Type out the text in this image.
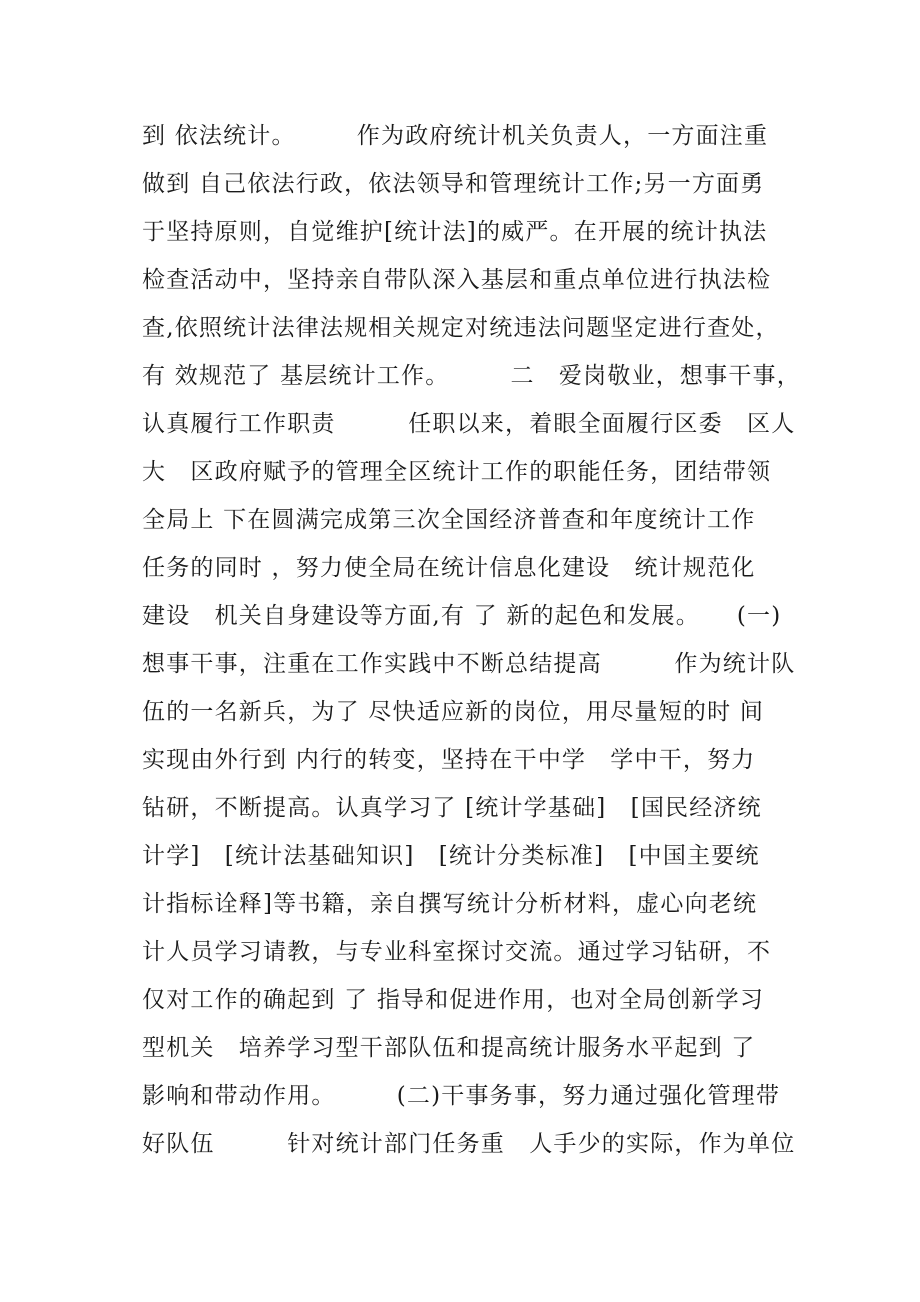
到 依法统计。　　　作为政府统计机关负责人，一方面注重
做到 自己依法行政，依法领导和管理统计工作;另一方面勇
于坚持原则，自觉维护[统计法]的威严。在开展的统计执法
检查活动中，坚持亲自带队深入基层和重点单位进行执法检
查,依照统计法律法规相关规定对统违法问题坚定进行查处，
有 效规范了 基层统计工作。　　　二　爱岗敬业，想事干事，
认真履行工作职责　　　任职以来，着眼全面履行区委　区人
大　区政府赋予的管理全区统计工作的职能任务，团结带领
全局上 下在圆满完成第三次全国经济普查和年度统计工作
任务的同时 ，努力使全局在统计信息化建设　统计规范化
建设　机关自身建设等方面,有 了 新的起色和发展。　　(一)
想事干事，注重在工作实践中不断总结提高　　　作为统计队
伍的一名新兵，为了 尽快适应新的岗位，用尽量短的时 间
实现由外行到 内行的转变，坚持在干中学　学中干，努力
钻研，不断提高。认真学习了 [统计学基础]　[国民经济统
计学]　[统计法基础知识]　[统计分类标准]　[中国主要统
计指标诠释]等书籍，亲自撰写统计分析材料，虚心向老统
计人员学习请教，与专业科室探讨交流。通过学习钻研，不
仅对工作的确起到 了 指导和促进作用，也对全局创新学习
型机关　培养学习型干部队伍和提高统计服务水平起到 了
影响和带动作用。　　　(二)干事务事，努力通过强化管理带
好队伍　　　针对统计部门任务重　人手少的实际，作为单位
